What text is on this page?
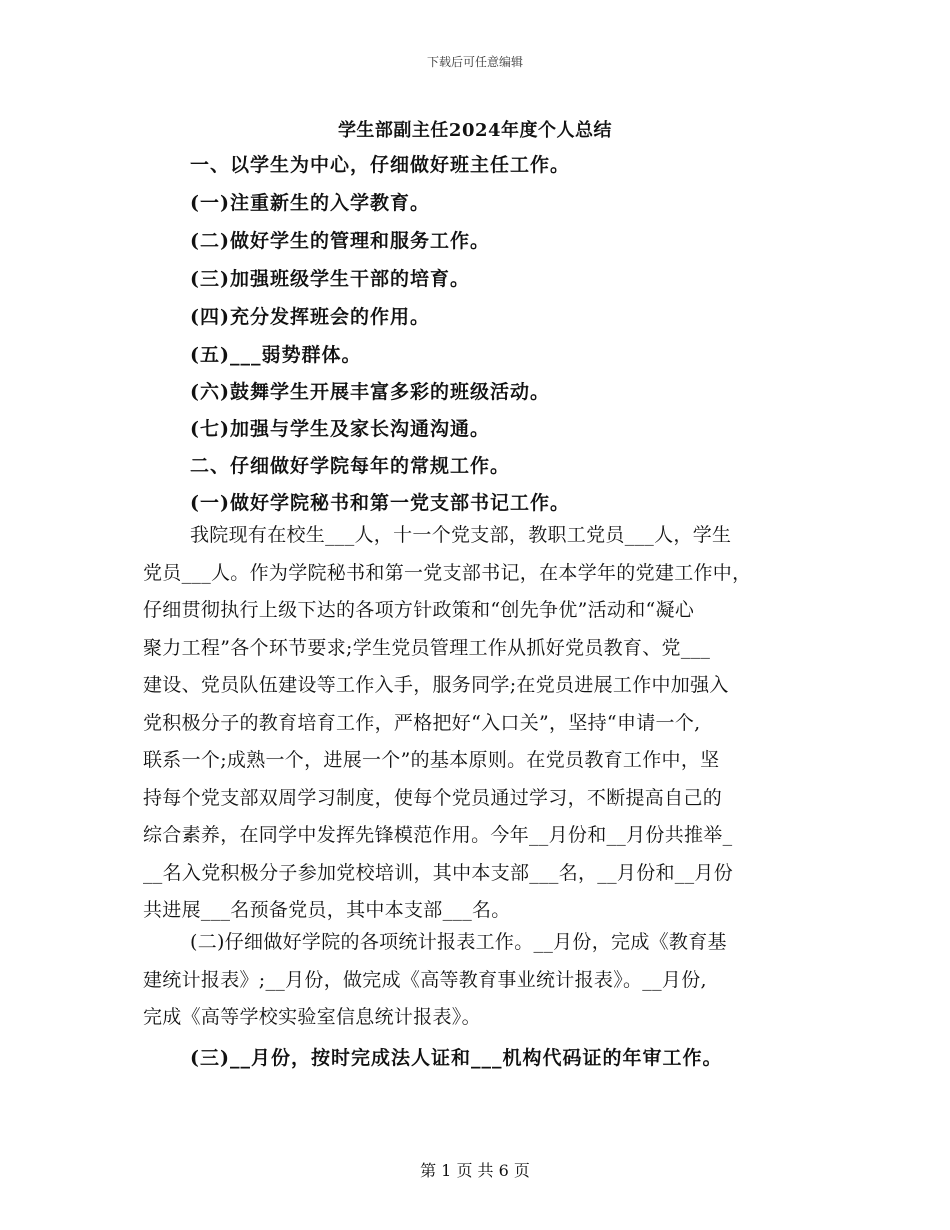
下载后可任意编辑
学生部副主任2024年度个人总结
一、以学生为中心，仔细做好班主任工作。
(一)注重新生的入学教育。
(二)做好学生的管理和服务工作。
(三)加强班级学生干部的培育。
(四)充分发挥班会的作用。
(五)___弱势群体。
(六)鼓舞学生开展丰富多彩的班级活动。
(七)加强与学生及家长沟通沟通。
二、仔细做好学院每年的常规工作。
(一)做好学院秘书和第一党支部书记工作。
我院现有在校生___人，十一个党支部，教职工党员___人，学生
党员___人。作为学院秘书和第一党支部书记，在本学年的党建工作中，
仔细贯彻执行上级下达的各项方针政策和“创先争优”活动和“凝心
聚力工程”各个环节要求;学生党员管理工作从抓好党员教育、党___
建设、党员队伍建设等工作入手，服务同学;在党员进展工作中加强入
党积极分子的教育培育工作，严格把好“入口关”，坚持“申请一个,
联系一个;成熟一个，进展一个”的基本原则。在党员教育工作中，坚
持每个党支部双周学习制度，使每个党员通过学习，不断提高自己的
综合素养，在同学中发挥先锋模范作用。今年__月份和__月份共推举_
__名入党积极分子参加党校培训，其中本支部___名，__月份和__月份
共进展___名预备党员，其中本支部___名。
(二)仔细做好学院的各项统计报表工作。__月份，完成《教育基
建统计报表》;__月份，做完成《高等教育事业统计报表》。__月份,
完成《高等学校实验室信息统计报表》。
(三)__月份，按时完成法人证和___机构代码证的年审工作。
第 1 页 共 6 页
